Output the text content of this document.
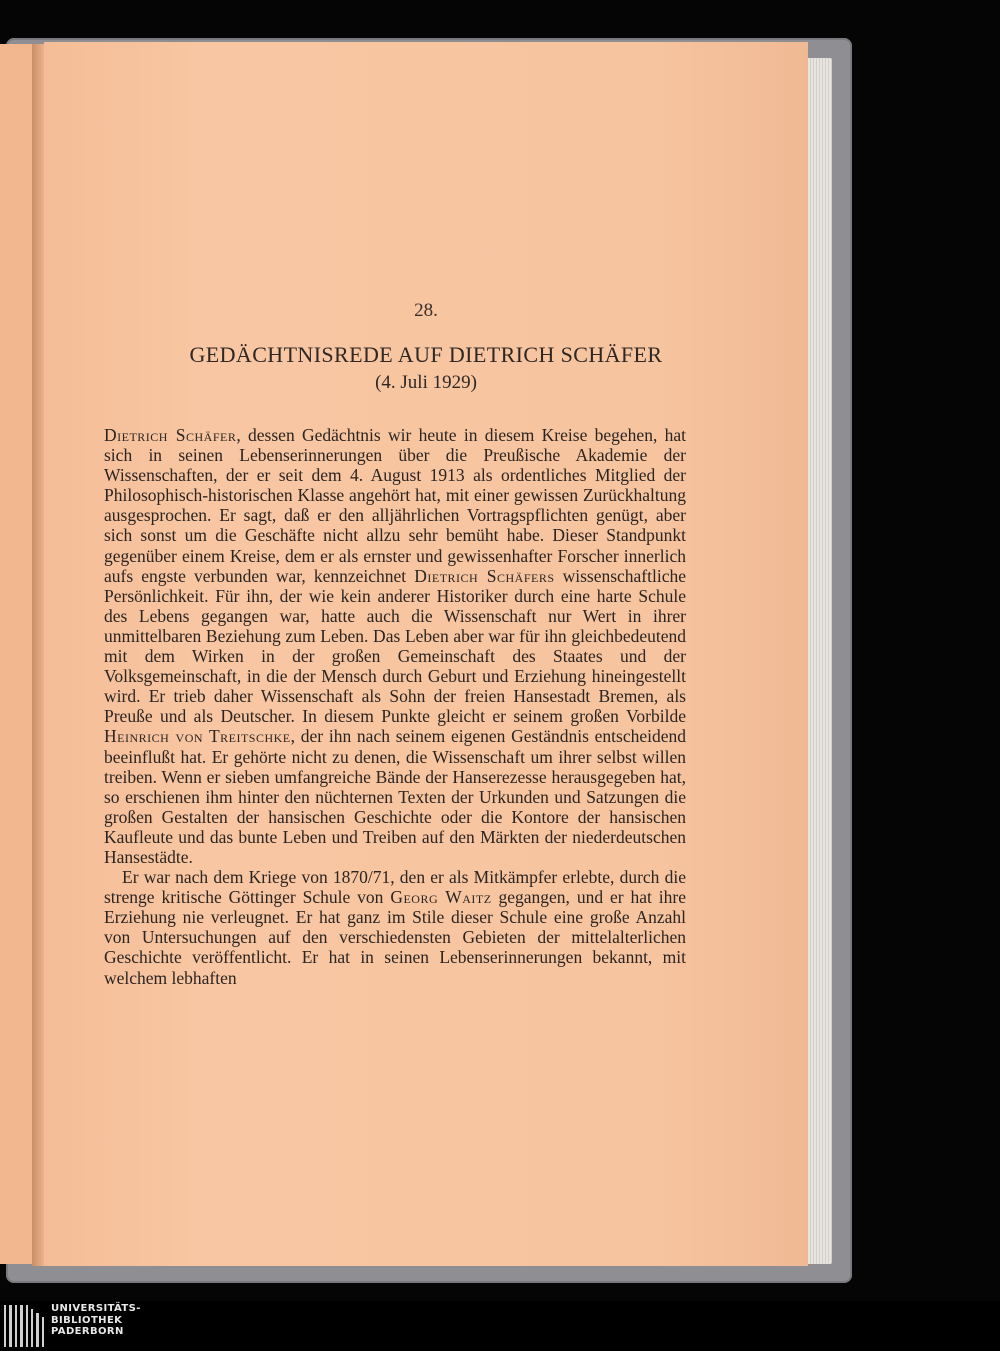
28.
GEDÄCHTNISREDE AUF DIETRICH SCHÄFER
(4. Juli 1929)

Dietrich Schäfer, dessen Gedächtnis wir heute in diesem Kreise begehen, hat sich in seinen Lebenserinnerungen über die Preußische Akademie der Wissenschaften, der er seit dem 4. August 1913 als ordentliches Mitglied der Philosophisch-historischen Klasse angehört hat, mit einer gewissen Zurückhaltung ausgesprochen. Er sagt, daß er den alljährlichen Vortragspflichten genügt, aber sich sonst um die Geschäfte nicht allzu sehr bemüht habe. Dieser Standpunkt gegenüber einem Kreise, dem er als ernster und gewissenhafter Forscher innerlich aufs engste verbunden war, kennzeichnet Dietrich Schäfers wissenschaftliche Persönlichkeit. Für ihn, der wie kein anderer Historiker durch eine harte Schule des Lebens gegangen war, hatte auch die Wissenschaft nur Wert in ihrer unmittelbaren Beziehung zum Leben. Das Leben aber war für ihn gleichbedeutend mit dem Wirken in der großen Gemeinschaft des Staates und der Volksgemeinschaft, in die der Mensch durch Geburt und Erziehung hineingestellt wird. Er trieb daher Wissenschaft als Sohn der freien Hansestadt Bremen, als Preuße und als Deutscher. In diesem Punkte gleicht er seinem großen Vorbilde Heinrich von Treitschke, der ihn nach seinem eigenen Geständnis entscheidend beeinflußt hat. Er gehörte nicht zu denen, die Wissenschaft um ihrer selbst willen treiben. Wenn er sieben umfangreiche Bände der Hanserezesse herausgegeben hat, so erschienen ihm hinter den nüchternen Texten der Urkunden und Satzungen die großen Gestalten der hansischen Geschichte oder die Kontore der hansischen Kaufleute und das bunte Leben und Treiben auf den Märkten der niederdeutschen Hansestädte.

Er war nach dem Kriege von 1870/71, den er als Mitkämpfer erlebte, durch die strenge kritische Göttinger Schule von Georg Waitz gegangen, und er hat ihre Erziehung nie verleugnet. Er hat ganz im Stile dieser Schule eine große Anzahl von Untersuchungen auf den verschiedensten Gebieten der mittelalterlichen Geschichte veröffentlicht. Er hat in seinen Lebenserinnerungen bekannt, mit welchem lebhaften

UNIVERSITÄTS-
BIBLIOTHEK
PADERBORN
